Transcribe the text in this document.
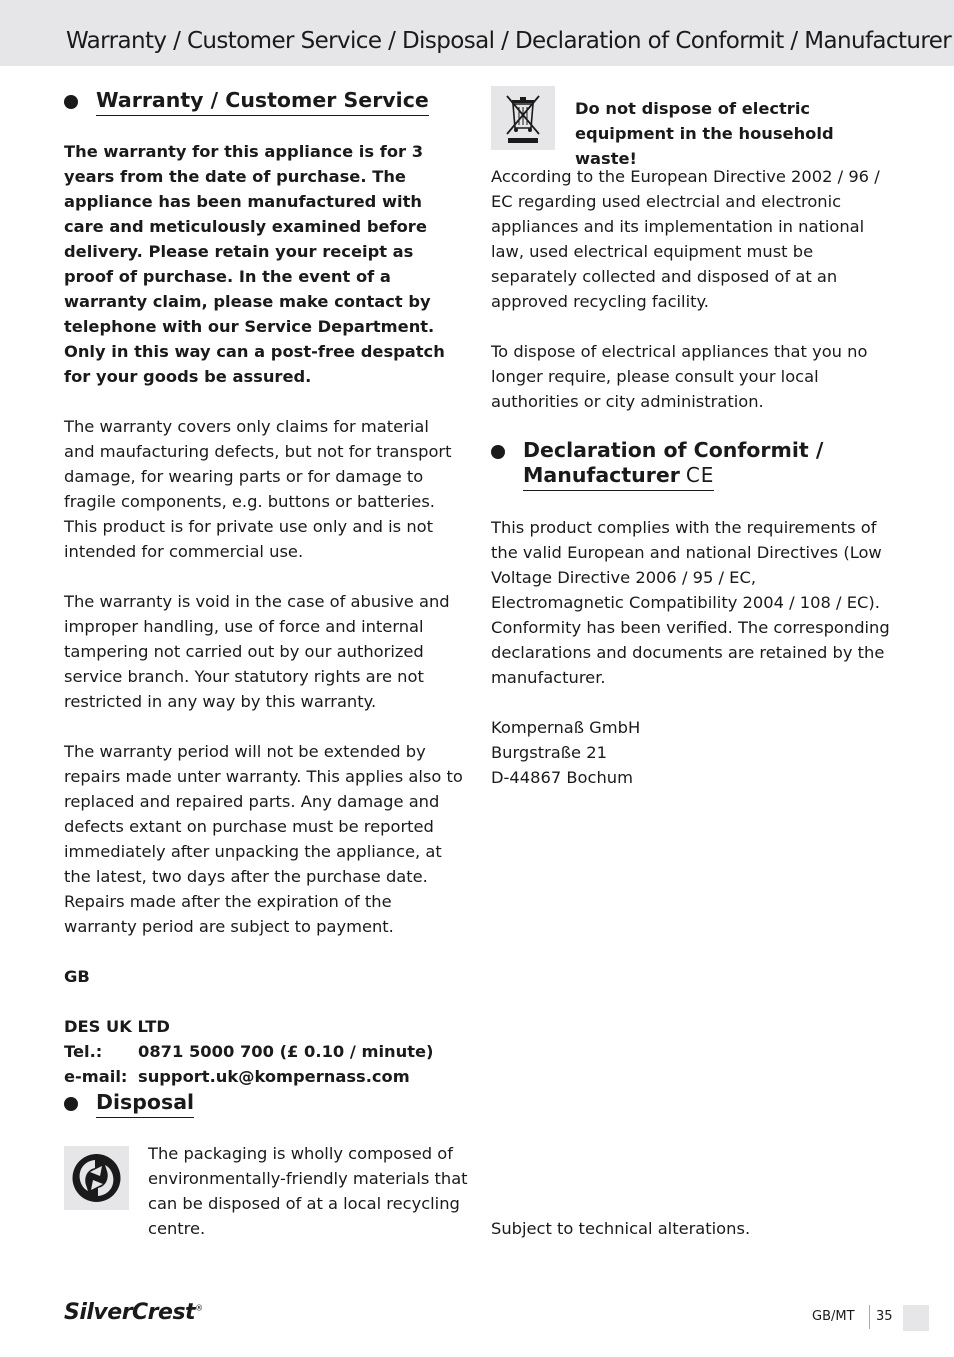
Warranty / Customer Service / Disposal / Declaration of Conformit / Manufacturer
Warranty / Customer Service

The warranty for this appliance is for 3 years from the date of purchase. The appliance has been manufactured with care and meticulously examined before delivery. Please retain your receipt as proof of purchase. In the event of a warranty claim, please make contact by telephone with our Service Department. Only in this way can a post-free despatch for your goods be assured.

The warranty covers only claims for material and maufacturing defects, but not for transport damage, for wearing parts or for damage to fragile components, e.g. buttons or batteries. This product is for private use only and is not intended for commercial use.

The warranty is void in the case of abusive and improper handling, use of force and internal tampering not carried out by our authorized service branch. Your statutory rights are not restricted in any way by this warranty.

The warranty period will not be extended by repairs made unter warranty. This applies also to replaced and repaired parts. Any damage and defects extant on purchase must be reported immediately after unpacking the appliance, at the latest, two days after the purchase date. Repairs made after the expiration of the warranty period are subject to payment.

GB

DES UK LTD

Tel.:	0871 5000 700 (£ 0.10 / minute)
e-mail:	support.uk@kompernass.com
Disposal

The packaging is wholly composed of environmentally-friendly materials that can be disposed of at a local recycling centre.

Do not dispose of electric equipment in the household waste!

According to the European Directive 2002 / 96 / EC regarding used electrcial and electronic appliances and its implementation in national law, used electrical equipment must be separately collected and disposed of at an approved recycling facility.

To dispose of electrical appliances that you no longer require, please consult your local authorities or city administration.

Declaration of Conformit /
Manufacturer CE

This product complies with the requirements of the valid European and national Directives (Low Voltage Directive 2006 / 95 / EC, Electromagnetic Compatibility 2004 / 108 / EC). Conformity has been verified. The corresponding declarations and documents are retained by the manufacturer.

Kompernaß GmbH

Burgstraße 21

D-44867 Bochum

Subject to technical alterations.
SilverCrest®
GB/MT 35
